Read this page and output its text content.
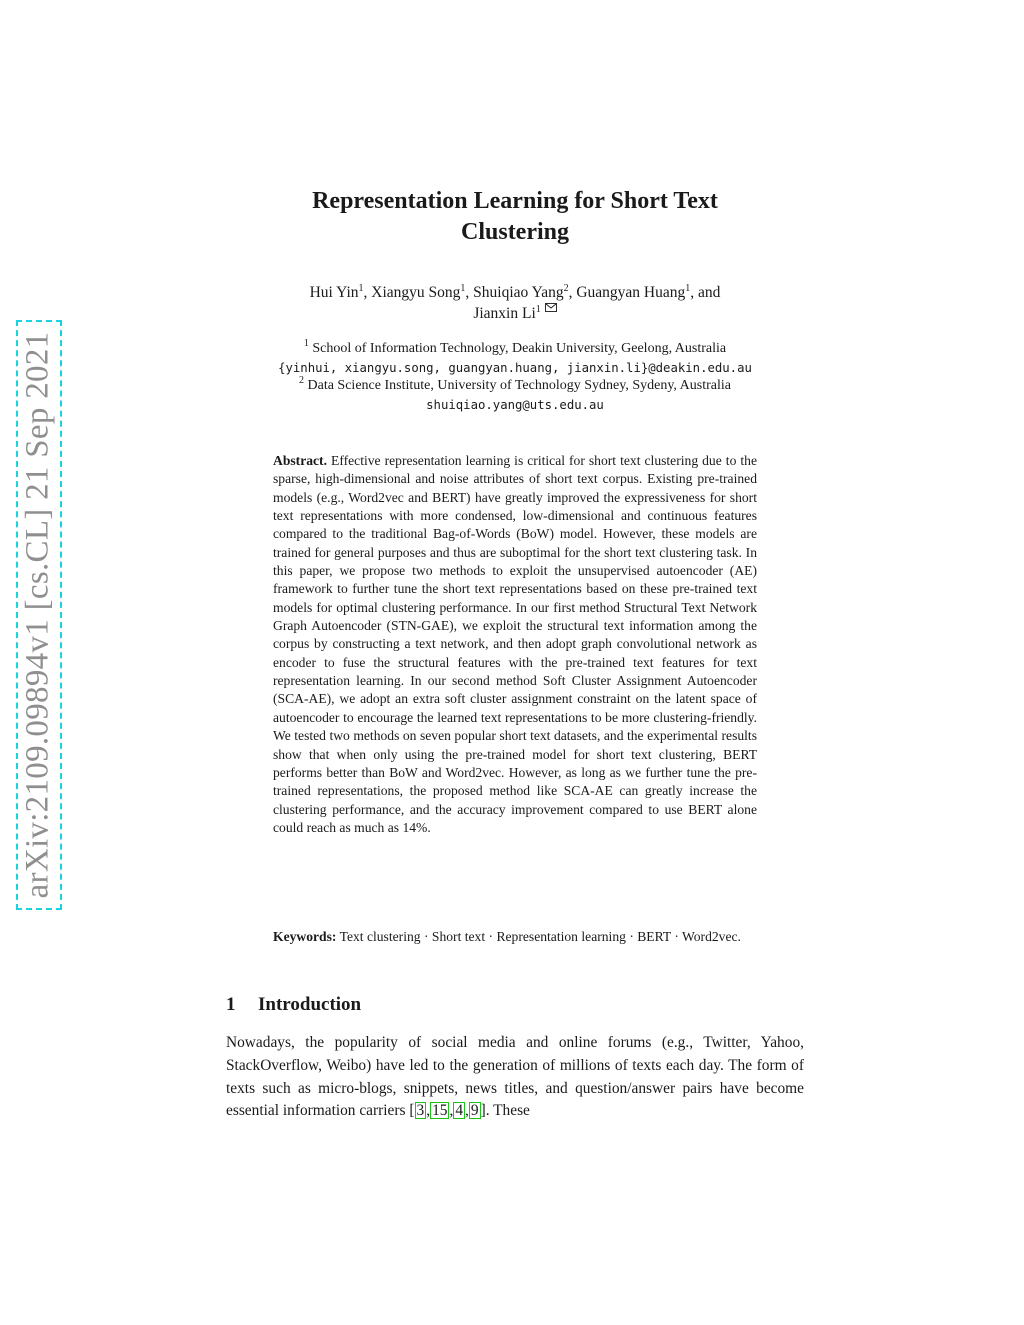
arXiv:2109.09894v1 [cs.CL] 21 Sep 2021
Representation Learning for Short Text
Clustering
Hui Yin$^1$, Xiangyu Song$^1$, Shuiqiao Yang$^2$, Guangyan Huang$^1$, and
Jianxin Li$^1$
$^1$ School of Information Technology, Deakin University, Geelong, Australia
{yinhui, xiangyu.song, guangyan.huang, jianxin.li}@deakin.edu.au
$^2$ Data Science Institute, University of Technology Sydney, Sydeny, Australia
shuiqiao.yang@uts.edu.au
Abstract. Effective representation learning is critical for short text clustering due to the sparse, high-dimensional and noise attributes of short text corpus. Existing pre-trained models (e.g., Word2vec and BERT) have greatly improved the expressiveness for short text representations with more condensed, low-dimensional and continuous features compared to the traditional Bag-of-Words (BoW) model. However, these models are trained for general purposes and thus are suboptimal for the short text clustering task. In this paper, we propose two methods to exploit the unsupervised autoencoder (AE) framework to further tune the short text representations based on these pre-trained text models for optimal clustering performance. In our first method Structural Text Network Graph Autoencoder (STN-GAE), we exploit the structural text information among the corpus by constructing a text network, and then adopt graph convolutional network as encoder to fuse the structural features with the pre-trained text features for text representation learning. In our second method Soft Cluster Assignment Autoencoder (SCA-AE), we adopt an extra soft cluster assignment constraint on the latent space of autoencoder to encourage the learned text representations to be more clustering-friendly. We tested two methods on seven popular short text datasets, and the experimental results show that when only using the pre-trained model for short text clustering, BERT performs better than BoW and Word2vec. However, as long as we further tune the pre-trained representations, the proposed method like SCA-AE can greatly increase the clustering performance, and the accuracy improvement compared to use BERT alone could reach as much as 14%.
Keywords: Text clustering · Short text · Representation learning · BERT · Word2vec.
1 Introduction
Nowadays, the popularity of social media and online forums (e.g., Twitter, Yahoo, StackOverflow, Weibo) have led to the generation of millions of texts each day. The form of texts such as micro-blogs, snippets, news titles, and question/answer pairs have become essential information carriers [ 3 , 15 , 4 , 9 ]. These
